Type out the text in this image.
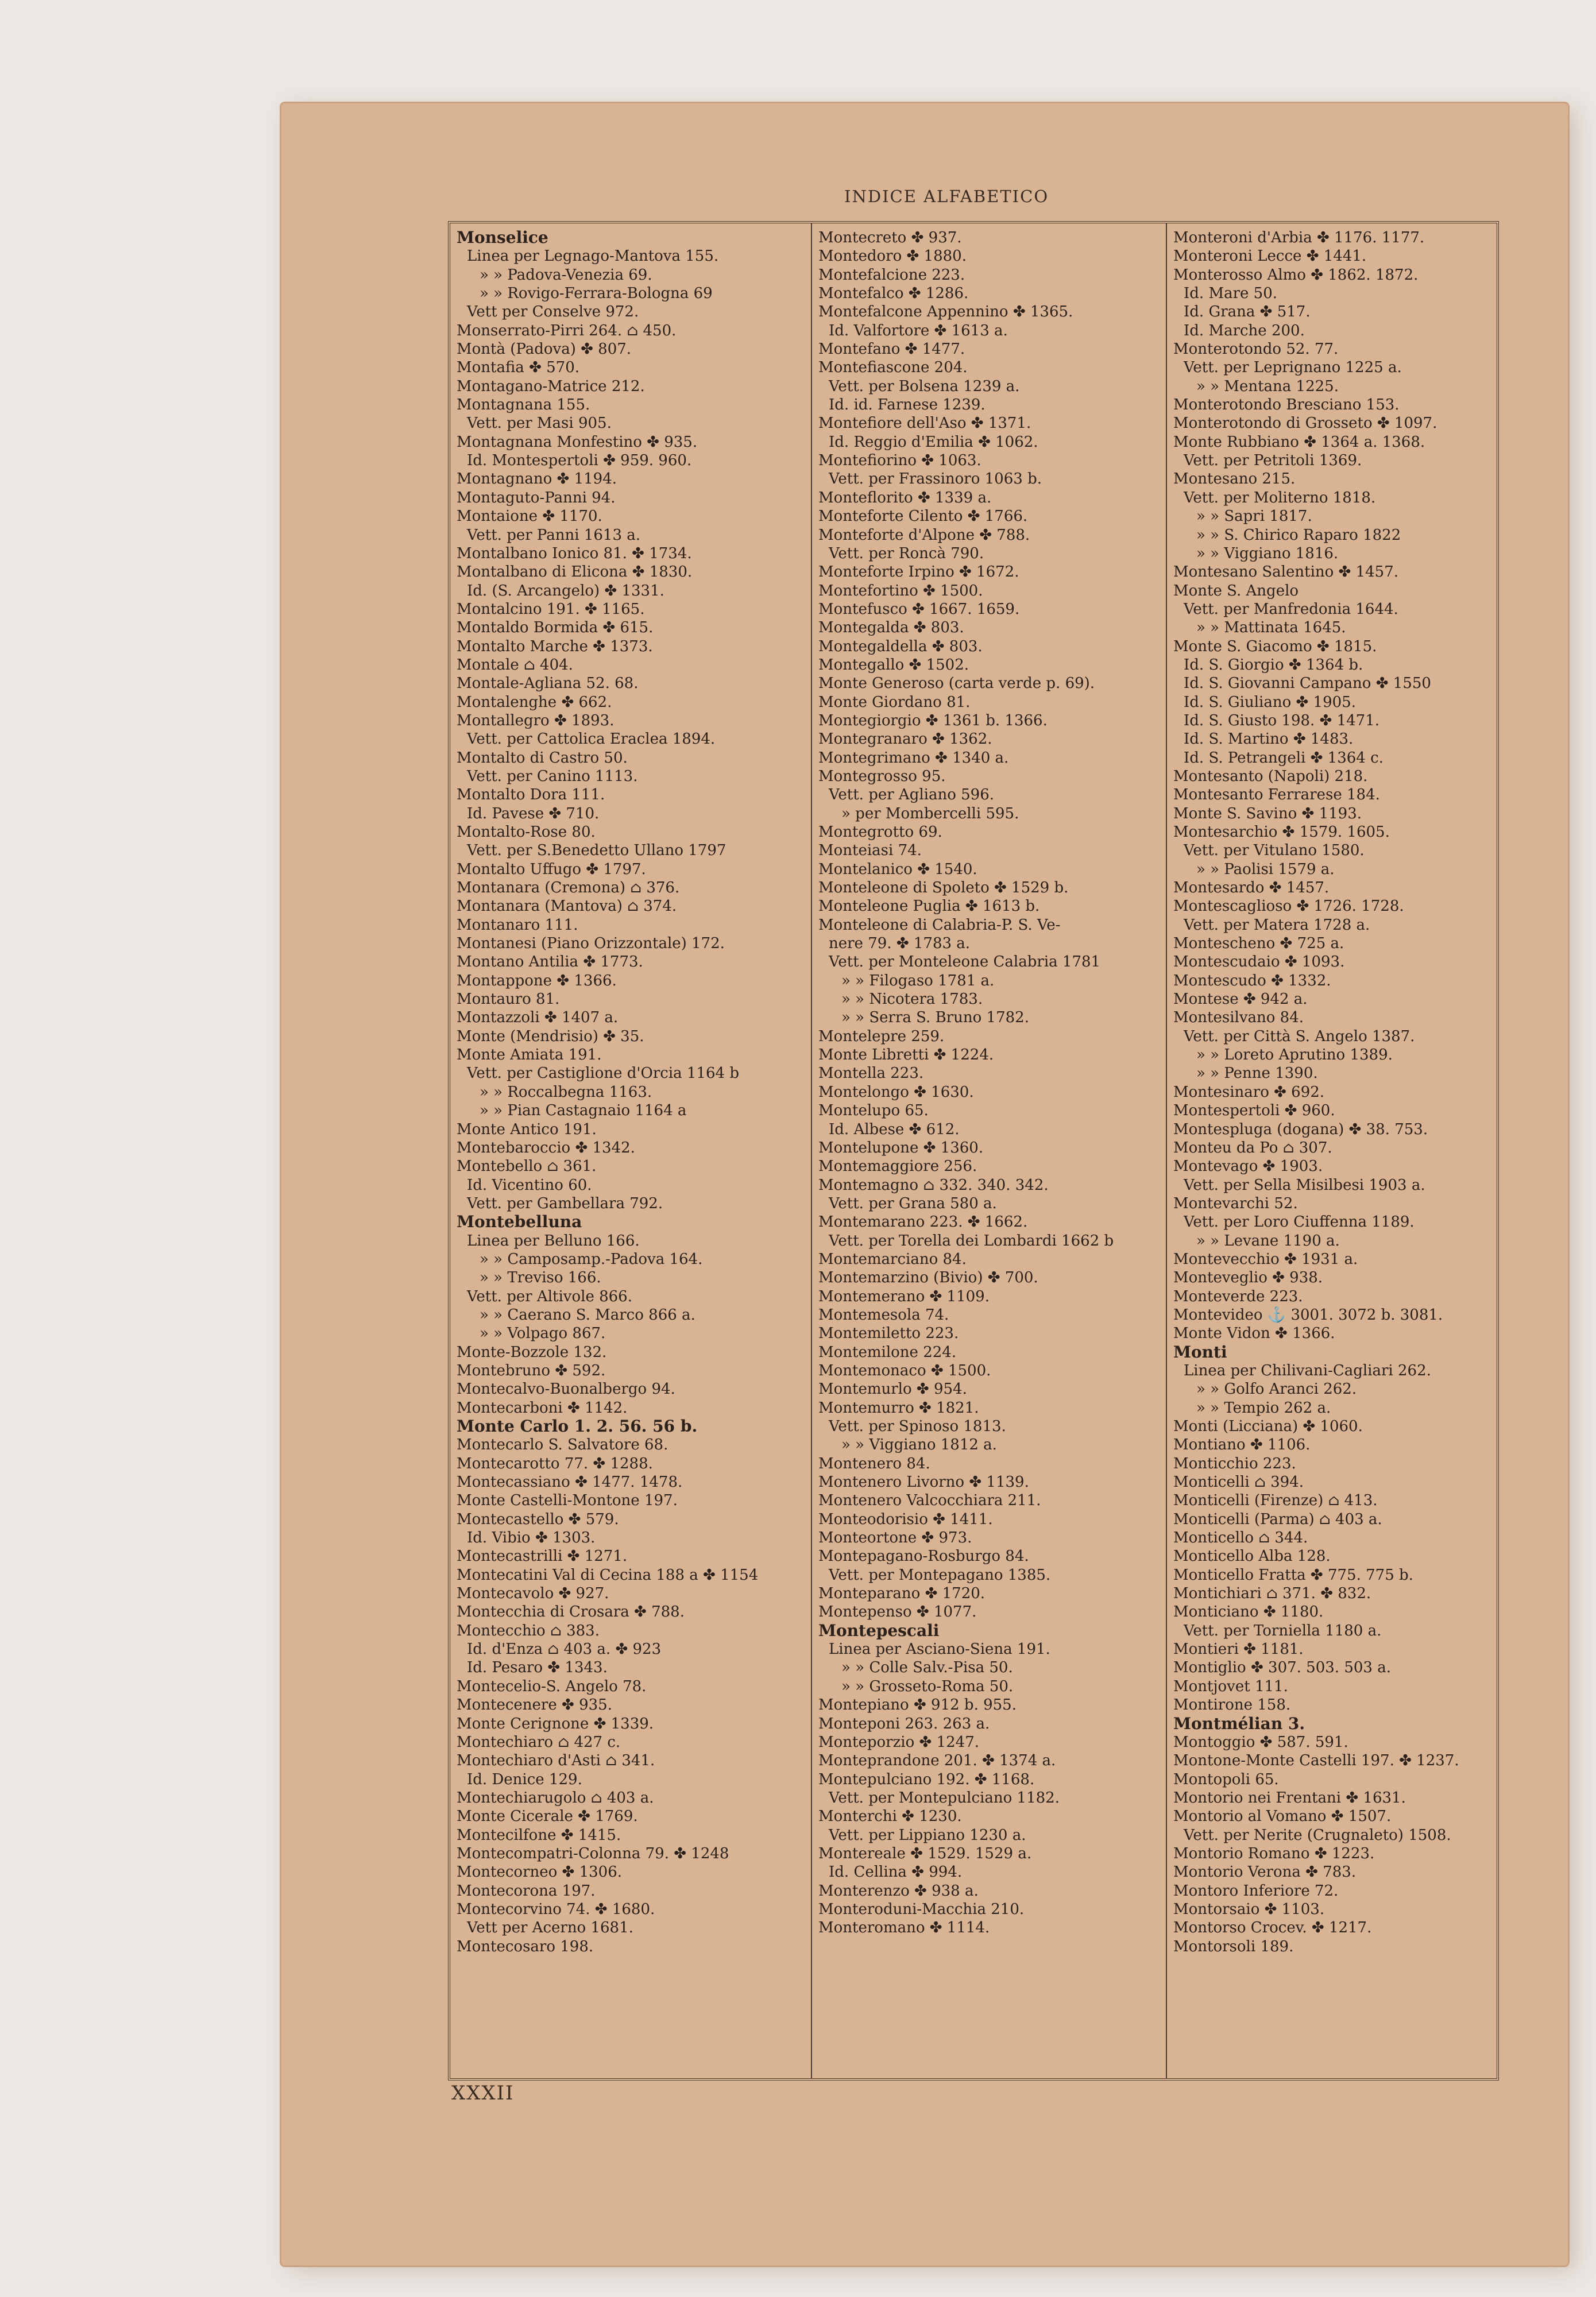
INDICE ALFABETICO
Monselice
Linea per Legnago-Mantova 155.
» » Padova-Venezia 69.
» » Rovigo-Ferrara-Bologna 69
Vett per Conselve 972.
Monserrato-Pirri 264. ⌂ 450.
Montà (Padova) ✤ 807.
Montafia ✤ 570.
Montagano-Matrice 212.
Montagnana 155.
Vett. per Masi 905.
Montagnana Monfestino ✤ 935.
Id. Montespertoli ✤ 959. 960.
Montagnano ✤ 1194.
Montaguto-Panni 94.
Montaione ✤ 1170.
Vett. per Panni 1613 a.
Montalbano Ionico 81. ✤ 1734.
Montalbano di Elicona ✤ 1830.
Id. (S. Arcangelo) ✤ 1331.
Montalcino 191. ✤ 1165.
Montaldo Bormida ✤ 615.
Montalto Marche ✤ 1373.
Montale ⌂ 404.
Montale-Agliana 52. 68.
Montalenghe ✤ 662.
Montallegro ✤ 1893.
Vett. per Cattolica Eraclea 1894.
Montalto di Castro 50.
Vett. per Canino 1113.
Montalto Dora 111.
Id. Pavese ✤ 710.
Montalto-Rose 80.
Vett. per S.Benedetto Ullano 1797
Montalto Uffugo ✤ 1797.
Montanara (Cremona) ⌂ 376.
Montanara (Mantova) ⌂ 374.
Montanaro 111.
Montanesi (Piano Orizzontale) 172.
Montano Antilia ✤ 1773.
Montappone ✤ 1366.
Montauro 81.
Montazzoli ✤ 1407 a.
Monte (Mendrisio) ✤ 35.
Monte Amiata 191.
Vett. per Castiglione d'Orcia 1164 b
» » Roccalbegna 1163.
» » Pian Castagnaio 1164 a
Monte Antico 191.
Montebaroccio ✤ 1342.
Montebello ⌂ 361.
Id. Vicentino 60.
Vett. per Gambellara 792.
Montebelluna
Linea per Belluno 166.
» » Camposamp.-Padova 164.
» » Treviso 166.
Vett. per Altivole 866.
» » Caerano S. Marco 866 a.
» » Volpago 867.
Monte-Bozzole 132.
Montebruno ✤ 592.
Montecalvo-Buonalbergo 94.
Montecarboni ✤ 1142.
Monte Carlo 1. 2. 56. 56 b.
Montecarlo S. Salvatore 68.
Montecarotto 77. ✤ 1288.
Montecassiano ✤ 1477. 1478.
Monte Castelli-Montone 197.
Montecastello ✤ 579.
Id. Vibio ✤ 1303.
Montecastrilli ✤ 1271.
Montecatini Val di Cecina 188 a ✤ 1154
Montecavolo ✤ 927.
Montecchia di Crosara ✤ 788.
Montecchio ⌂ 383.
Id. d'Enza ⌂ 403 a. ✤ 923
Id. Pesaro ✤ 1343.
Montecelio-S. Angelo 78.
Montecenere ✤ 935.
Monte Cerignone ✤ 1339.
Montechiaro ⌂ 427 c.
Montechiaro d'Asti ⌂ 341.
Id. Denice 129.
Montechiarugolo ⌂ 403 a.
Monte Cicerale ✤ 1769.
Montecilfone ✤ 1415.
Montecompatri-Colonna 79. ✤ 1248
Montecorneo ✤ 1306.
Montecorona 197.
Montecorvino 74. ✤ 1680.
Vett per Acerno 1681.
Montecosaro 198.
Montecreto ✤ 937.
Montedoro ✤ 1880.
Montefalcione 223.
Montefalco ✤ 1286.
Montefalcone Appennino ✤ 1365.
Id. Valfortore ✤ 1613 a.
Montefano ✤ 1477.
Montefiascone 204.
Vett. per Bolsena 1239 a.
Id. id. Farnese 1239.
Montefiore dell'Aso ✤ 1371.
Id. Reggio d'Emilia ✤ 1062.
Montefiorino ✤ 1063.
Vett. per Frassinoro 1063 b.
Monteflorito ✤ 1339 a.
Monteforte Cilento ✤ 1766.
Monteforte d'Alpone ✤ 788.
Vett. per Roncà 790.
Monteforte Irpino ✤ 1672.
Montefortino ✤ 1500.
Montefusco ✤ 1667. 1659.
Montegalda ✤ 803.
Montegaldella ✤ 803.
Montegallo ✤ 1502.
Monte Generoso (carta verde p. 69).
Monte Giordano 81.
Montegiorgio ✤ 1361 b. 1366.
Montegranaro ✤ 1362.
Montegrimano ✤ 1340 a.
Montegrosso 95.
Vett. per Agliano 596.
» per Mombercelli 595.
Montegrotto 69.
Monteiasi 74.
Montelanico ✤ 1540.
Monteleone di Spoleto ✤ 1529 b.
Monteleone Puglia ✤ 1613 b.
Monteleone di Calabria-P. S. Ve-
nere 79. ✤ 1783 a.
Vett. per Monteleone Calabria 1781
» » Filogaso 1781 a.
» » Nicotera 1783.
» » Serra S. Bruno 1782.
Montelepre 259.
Monte Libretti ✤ 1224.
Montella 223.
Montelongo ✤ 1630.
Montelupo 65.
Id. Albese ✤ 612.
Montelupone ✤ 1360.
Montemaggiore 256.
Montemagno ⌂ 332. 340. 342.
Vett. per Grana 580 a.
Montemarano 223. ✤ 1662.
Vett. per Torella dei Lombardi 1662 b
Montemarciano 84.
Montemarzino (Bivio) ✤ 700.
Montemerano ✤ 1109.
Montemesola 74.
Montemiletto 223.
Montemilone 224.
Montemonaco ✤ 1500.
Montemurlo ✤ 954.
Montemurro ✤ 1821.
Vett. per Spinoso 1813.
» » Viggiano 1812 a.
Montenero 84.
Montenero Livorno ✤ 1139.
Montenero Valcocchiara 211.
Monteodorisio ✤ 1411.
Monteortone ✤ 973.
Montepagano-Rosburgo 84.
Vett. per Montepagano 1385.
Monteparano ✤ 1720.
Montepenso ✤ 1077.
Montepescali
Linea per Asciano-Siena 191.
» » Colle Salv.-Pisa 50.
» » Grosseto-Roma 50.
Montepiano ✤ 912 b. 955.
Monteponi 263. 263 a.
Monteporzio ✤ 1247.
Monteprandone 201. ✤ 1374 a.
Montepulciano 192. ✤ 1168.
Vett. per Montepulciano 1182.
Monterchi ✤ 1230.
Vett. per Lippiano 1230 a.
Montereale ✤ 1529. 1529 a.
Id. Cellina ✤ 994.
Monterenzo ✤ 938 a.
Monteroduni-Macchia 210.
Monteromano ✤ 1114.
Monteroni d'Arbia ✤ 1176. 1177.
Monteroni Lecce ✤ 1441.
Monterosso Almo ✤ 1862. 1872.
Id. Mare 50.
Id. Grana ✤ 517.
Id. Marche 200.
Monterotondo 52. 77.
Vett. per Leprignano 1225 a.
» » Mentana 1225.
Monterotondo Bresciano 153.
Monterotondo di Grosseto ✤ 1097.
Monte Rubbiano ✤ 1364 a. 1368.
Vett. per Petritoli 1369.
Montesano 215.
Vett. per Moliterno 1818.
» » Sapri 1817.
» » S. Chirico Raparo 1822
» » Viggiano 1816.
Montesano Salentino ✤ 1457.
Monte S. Angelo
Vett. per Manfredonia 1644.
» » Mattinata 1645.
Monte S. Giacomo ✤ 1815.
Id. S. Giorgio ✤ 1364 b.
Id. S. Giovanni Campano ✤ 1550
Id. S. Giuliano ✤ 1905.
Id. S. Giusto 198. ✤ 1471.
Id. S. Martino ✤ 1483.
Id. S. Petrangeli ✤ 1364 c.
Montesanto (Napoli) 218.
Montesanto Ferrarese 184.
Monte S. Savino ✤ 1193.
Montesarchio ✤ 1579. 1605.
Vett. per Vitulano 1580.
» » Paolisi 1579 a.
Montesardo ✤ 1457.
Montescaglioso ✤ 1726. 1728.
Vett. per Matera 1728 a.
Montescheno ✤ 725 a.
Montescudaio ✤ 1093.
Montescudo ✤ 1332.
Montese ✤ 942 a.
Montesilvano 84.
Vett. per Città S. Angelo 1387.
» » Loreto Aprutino 1389.
» » Penne 1390.
Montesinaro ✤ 692.
Montespertoli ✤ 960.
Montespluga (dogana) ✤ 38. 753.
Monteu da Po ⌂ 307.
Montevago ✤ 1903.
Vett. per Sella Misilbesi 1903 a.
Montevarchi 52.
Vett. per Loro Ciuffenna 1189.
» » Levane 1190 a.
Montevecchio ✤ 1931 a.
Monteveglio ✤ 938.
Monteverde 223.
Montevideo ⚓ 3001. 3072 b. 3081.
Monte Vidon ✤ 1366.
Monti
Linea per Chilivani-Cagliari 262.
» » Golfo Aranci 262.
» » Tempio 262 a.
Monti (Licciana) ✤ 1060.
Montiano ✤ 1106.
Monticchio 223.
Monticelli ⌂ 394.
Monticelli (Firenze) ⌂ 413.
Monticelli (Parma) ⌂ 403 a.
Monticello ⌂ 344.
Monticello Alba 128.
Monticello Fratta ✤ 775. 775 b.
Montichiari ⌂ 371. ✤ 832.
Monticiano ✤ 1180.
Vett. per Torniella 1180 a.
Montieri ✤ 1181.
Montiglio ✤ 307. 503. 503 a.
Montjovet 111.
Montirone 158.
Montmélian 3.
Montoggio ✤ 587. 591.
Montone-Monte Castelli 197. ✤ 1237.
Montopoli 65.
Montorio nei Frentani ✤ 1631.
Montorio al Vomano ✤ 1507.
Vett. per Nerite (Crugnaleto) 1508.
Montorio Romano ✤ 1223.
Montorio Verona ✤ 783.
Montoro Inferiore 72.
Montorsaio ✤ 1103.
Montorso Crocev. ✤ 1217.
Montorsoli 189.
XXXII
